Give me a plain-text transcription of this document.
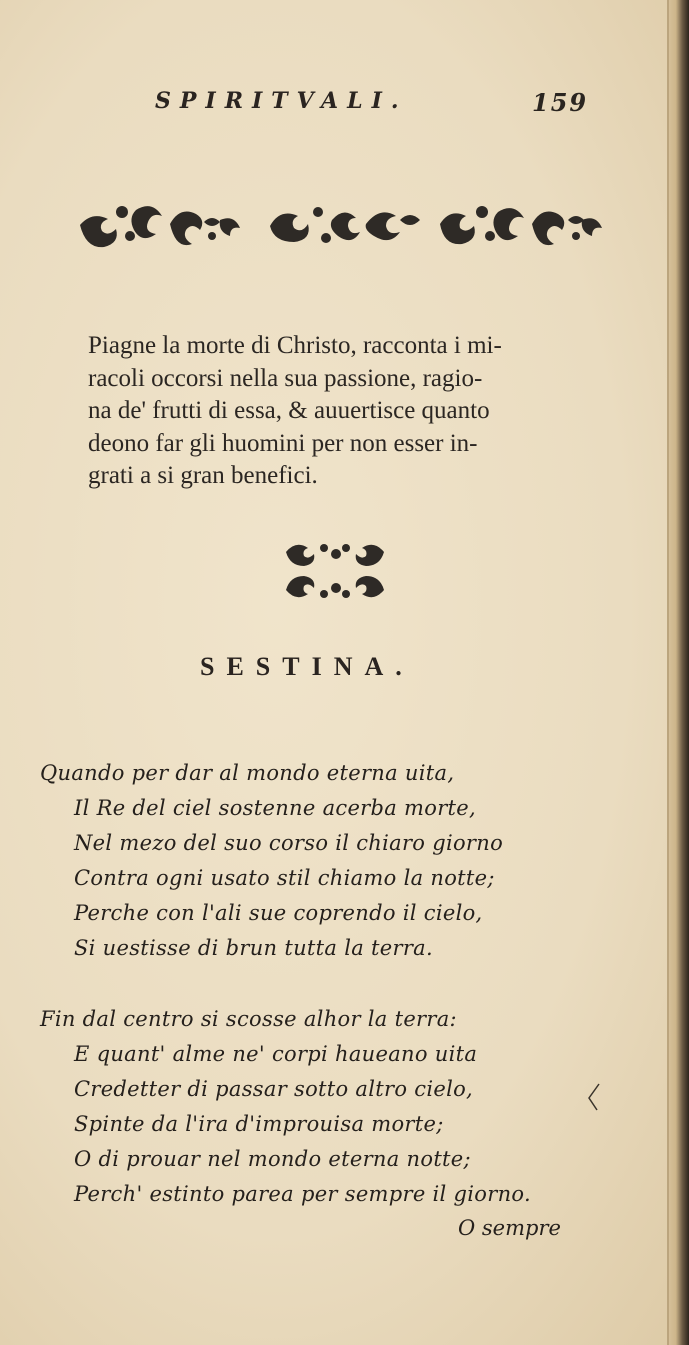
SPIRITVALI.	159
Piagne la morte di Christo, racconta i mi-
racoli occorsi nella sua passione, ragio-
na de' frutti di essa, & auuertisce quanto
deono far gli huomini per non esser in-
grati a si gran benefici.
SESTINA.
Quando per dar al mondo eterna uita,
Il Re del ciel sostenne acerba morte,
Nel mezo del suo corso il chiaro giorno
Contra ogni usato stil chiamo la notte;
Perche con l'ali sue coprendo il cielo,
Si uestisse di brun tutta la terra.
Fin dal centro si scosse alhor la terra:
E quant' alme ne' corpi haueano uita
Credetter di passar sotto altro cielo,
Spinte da l'ira d'improuisa morte;
O di prouar nel mondo eterna notte;
Perch' estinto parea per sempre il giorno.
O sempre
